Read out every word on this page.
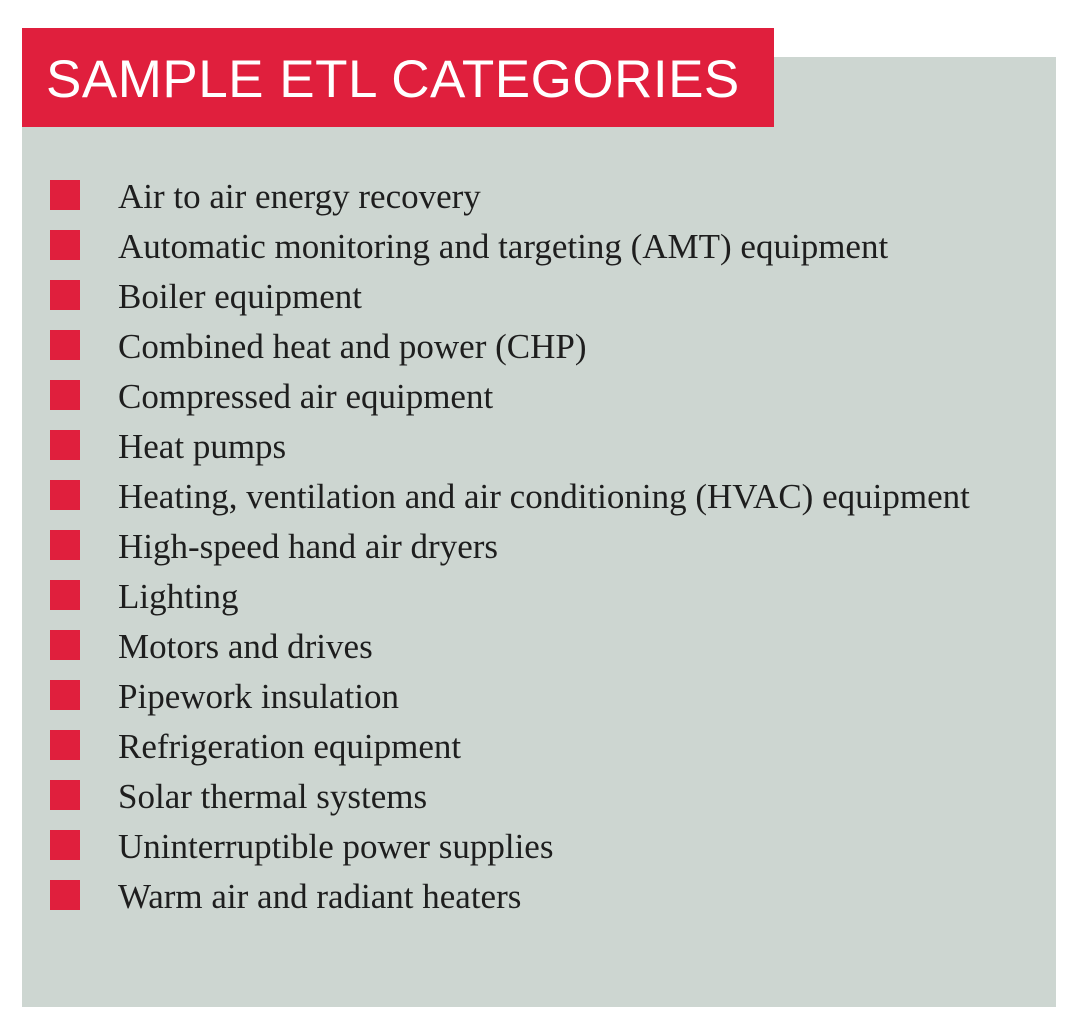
SAMPLE ETL CATEGORIES
Air to air energy recovery
Automatic monitoring and targeting (AMT) equipment
Boiler equipment
Combined heat and power (CHP)
Compressed air equipment
Heat pumps
Heating, ventilation and air conditioning (HVAC) equipment
High-speed hand air dryers
Lighting
Motors and drives
Pipework insulation
Refrigeration equipment
Solar thermal systems
Uninterruptible power supplies
Warm air and radiant heaters
